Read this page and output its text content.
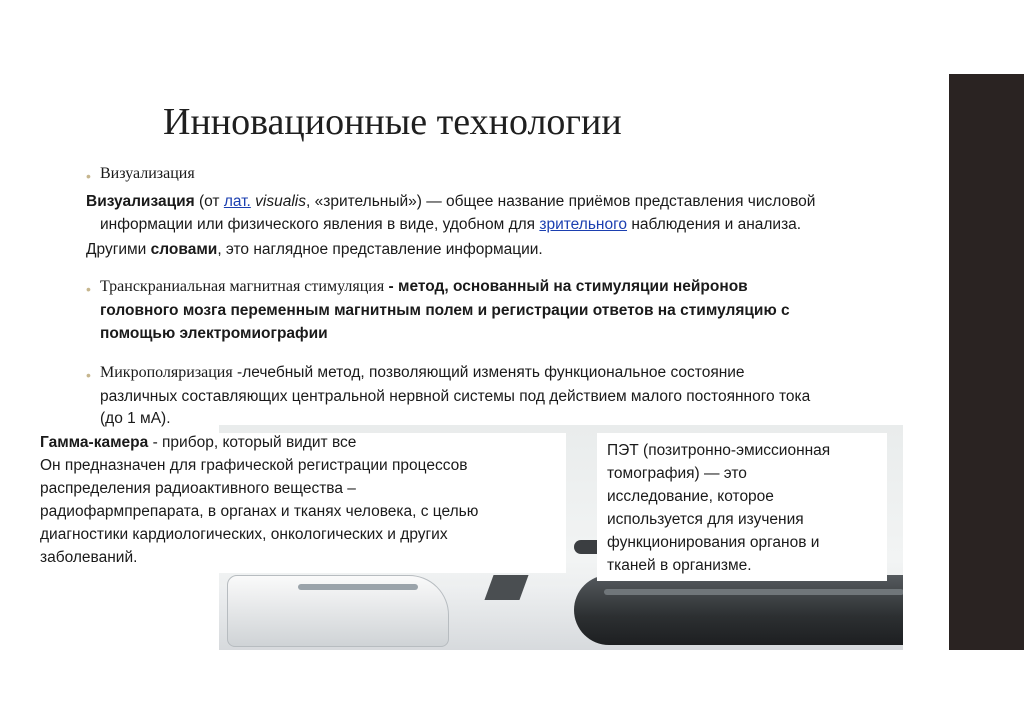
Инновационные технологии
• Визуализация
Визуализация (от лат. visualis, «зрительный») — общее название приёмов представления числовой
информации или физического явления в виде, удобном для зрительного наблюдения и анализа.
Другими словами, это наглядное представление информации.
• Транскраниальная магнитная стимуляция - метод, основанный на стимуляции нейронов
головного мозга переменным магнитным полем и регистрации ответов на стимуляцию с
помощью электромиографии
• Микрополяризация -лечебный метод, позволяющий изменять функциональное состояние
различных составляющих центральной нервной системы под действием малого постоянного тока
(до 1 мА).
Гамма-камера - прибор, который видит все
Он предназначен для графической регистрации процессов
распределения радиоактивного вещества –
радиофармпрепарата, в органах и тканях человека, с целью
диагностики кардиологических, онкологических и других
заболеваний.
ПЭТ (позитронно-эмиссионная
томография) — это
исследование, которое
используется для изучения
функционирования органов и
тканей в организме.
